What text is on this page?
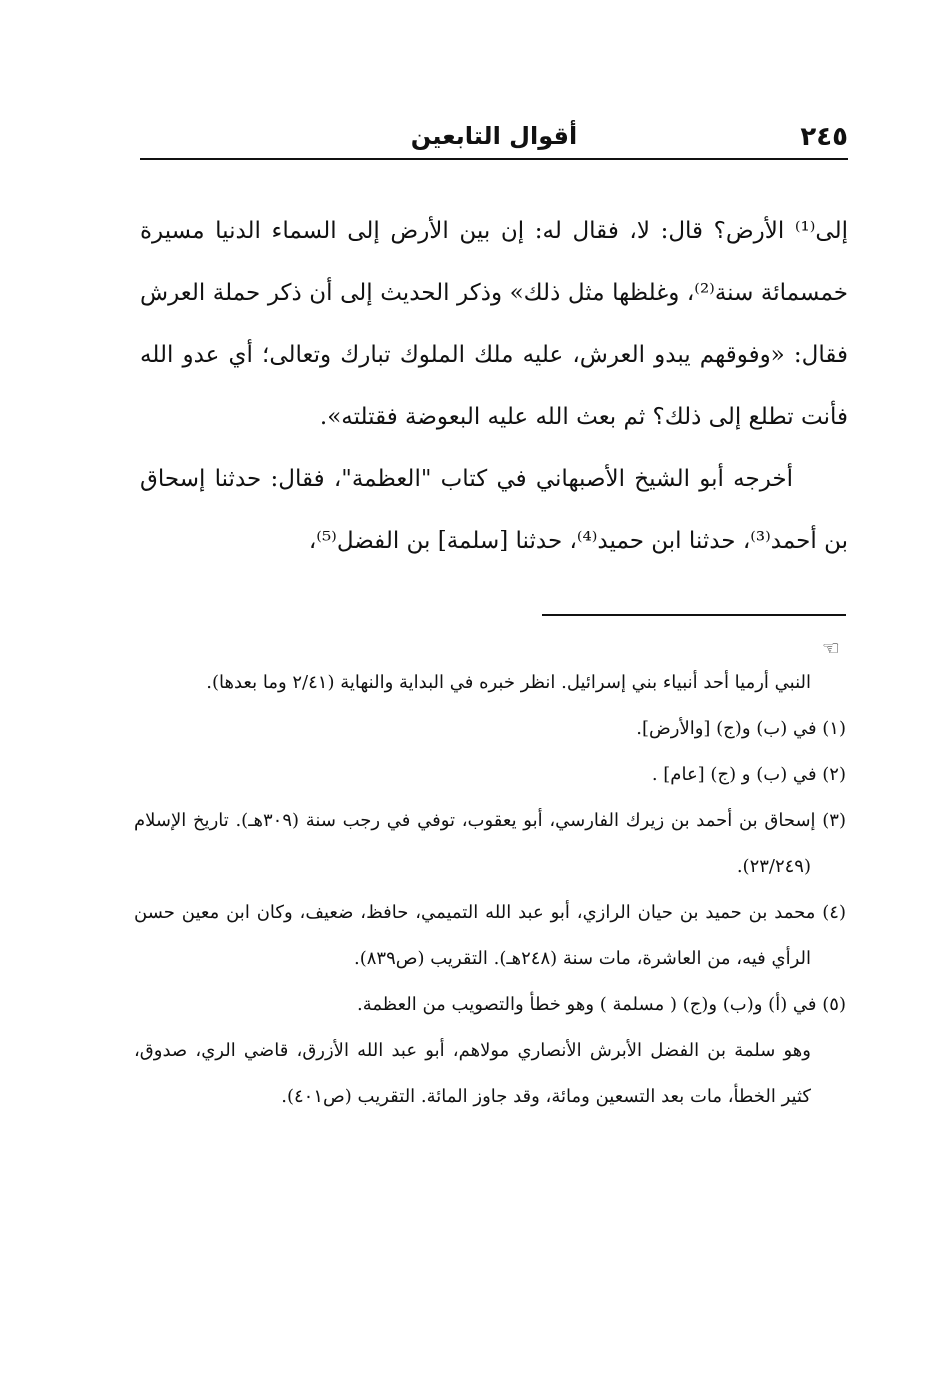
٢٤٥
أقوال التابعين

إلى⁽¹⁾ الأرض؟ قال: لا، فقال له: إن بين الأرض إلى السماء الدنيا مسيرة خمسمائة سنة⁽²⁾، وغلظها مثل ذلك» وذكر الحديث إلى أن ذكر حملة العرش فقال: «وفوقهم يبدو العرش، عليه ملك الملوك تبارك وتعالى؛ أي عدو الله فأنت تطلع إلى ذلك؟ ثم بعث الله عليه البعوضة فقتلته».

أخرجه أبو الشيخ الأصبهاني في كتاب "العظمة"، فقال: حدثنا إسحاق بن أحمد⁽³⁾، حدثنا ابن حميد⁽⁴⁾، حدثنا [سلمة] بن الفضل⁽⁵⁾،

☜

النبي أرميا أحد أنبياء بني إسرائيل. انظر خبره في البداية والنهاية (٢/٤١ وما بعدها).

(١) في (ب) و(ج) [والأرض].

(٢) في (ب) و (ج) [عام] .

(٣) إسحاق بن أحمد بن زيرك الفارسي، أبو يعقوب، توفي في رجب سنة (٣٠٩هـ). تاريخ الإسلام (٢٣/٢٤٩).

(٤) محمد بن حميد بن حيان الرازي، أبو عبد الله التميمي، حافظ، ضعيف، وكان ابن معين حسن الرأي فيه، من العاشرة، مات سنة (٢٤٨هـ). التقريب (ص٨٣٩).

(٥) في (أ) و(ب) و(ج) ( مسلمة ) وهو خطأ والتصويب من العظمة.

وهو سلمة بن الفضل الأبرش الأنصاري مولاهم، أبو عبد الله الأزرق، قاضي الري، صدوق، كثير الخطأ، مات بعد التسعين ومائة، وقد جاوز المائة. التقريب (ص٤٠١).
